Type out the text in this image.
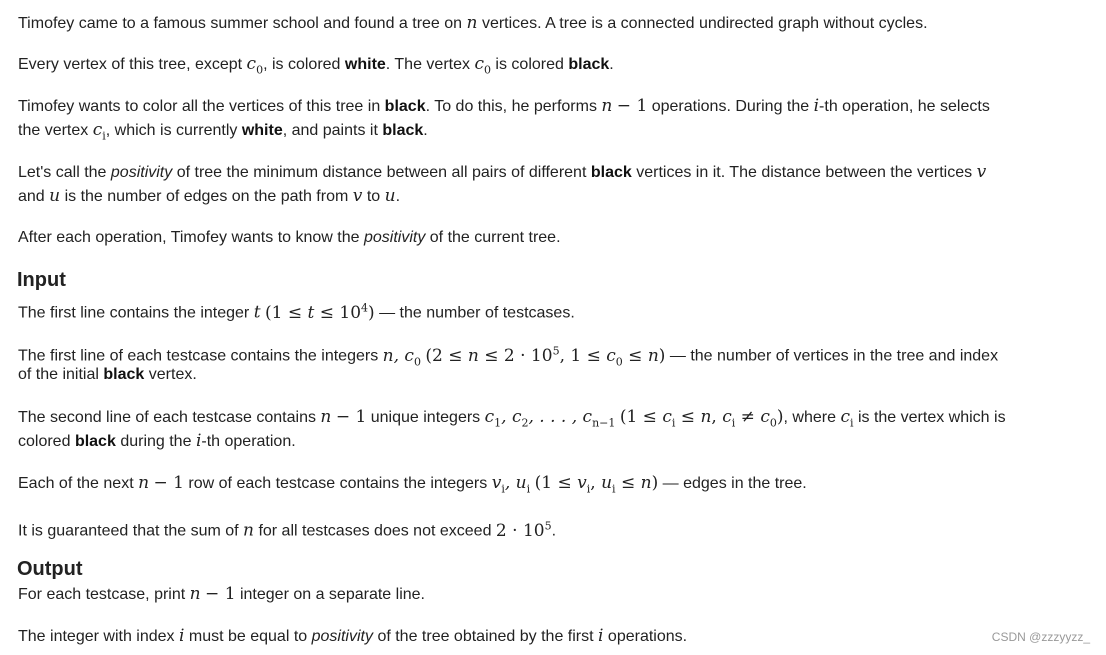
Timofey came to a famous summer school and found a tree on n vertices. A tree is a connected undirected graph without cycles.
Every vertex of this tree, except $c_0$, is colored white. The vertex $c_0$ is colored black.
Timofey wants to color all the vertices of this tree in black. To do this, he performs n − 1 operations. During the i-th operation, he selects
the vertex $c_i$, which is currently white, and paints it black.
Let's call the positivity of tree the minimum distance between all pairs of different black vertices in it. The distance between the vertices v
and u is the number of edges on the path from v to u.
After each operation, Timofey wants to know the positivity of the current tree.
Input
The first line contains the integer t $(1 \le t \le 10^4)$ — the number of testcases.
The first line of each testcase contains the integers n, $c_0$ ($2 \le n \le 2 \cdot 10^5$, $1 \le c_0 \le n$) — the number of vertices in the tree and index
of the initial black vertex.
The second line of each testcase contains n − 1 unique integers $c_1$, $c_2$, . . . , $c_{n-1}$ ($1 \le c_i \le n$, $c_i \ne c_0$), where $c_i$ is the vertex which is
colored black during the i-th operation.
Each of the next n − 1 row of each testcase contains the integers $v_i$, $u_i$ ($1 \le v_i$, $u_i \le n$) — edges in the tree.
It is guaranteed that the sum of n for all testcases does not exceed $2 \cdot 10^5$.
Output
For each testcase, print n − 1 integer on a separate line.
The integer with index i must be equal to positivity of the tree obtained by the first i operations.	CSDN @zzzyyzz_
